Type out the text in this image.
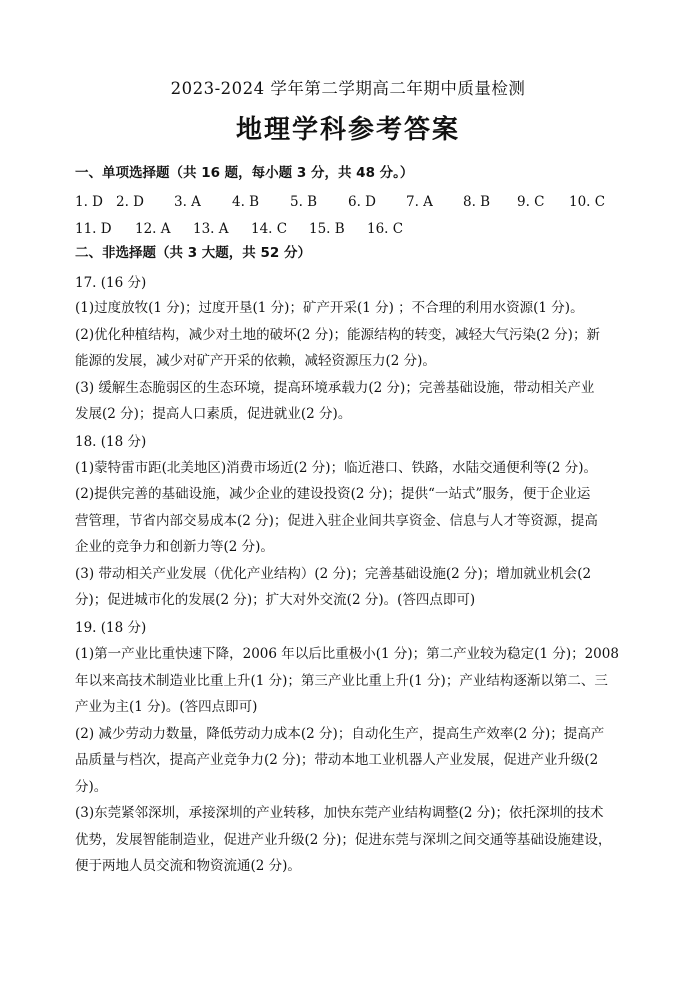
2023-2024 学年第二学期高二年期中质量检测
地理学科参考答案
一、单项选择题（共 16 题，每小题 3 分，共 48 分。）
1. D 2. D 3. A 4. B 5. B 6. D 7. A 8. B 9. C 10. C
11. D 12. A 13. A 14. C 15. B 16. C
二、非选择题（共 3 大题，共 52 分）
17. (16 分)
(1)过度放牧(1 分)；过度开垦(1 分)；矿产开采(1 分) ；不合理的利用水资源(1 分)。
(2)优化种植结构，减少对土地的破坏(2 分)；能源结构的转变，减轻大气污染(2 分)；新
能源的发展，减少对矿产开采的依赖，减轻资源压力(2 分)。
(3) 缓解生态脆弱区的生态环境，提高环境承载力(2 分)；完善基础设施，带动相关产业
发展(2 分)；提高人口素质，促进就业(2 分)。
18. (18 分)
(1)蒙特雷市距(北美地区)消费市场近(2 分)；临近港口、铁路，水陆交通便利等(2 分)。
(2)提供完善的基础设施，减少企业的建设投资(2 分)；提供“一站式”服务，便于企业运
营管理，节省内部交易成本(2 分)；促进入驻企业间共享资金、信息与人才等资源，提高
企业的竞争力和创新力等(2 分)。
(3) 带动相关产业发展（优化产业结构）(2 分)；完善基础设施(2 分)；增加就业机会(2
分)；促进城市化的发展(2 分)；扩大对外交流(2 分)。(答四点即可)
19. (18 分)
(1)第一产业比重快速下降，2006 年以后比重极小(1 分)；第二产业较为稳定(1 分)；2008
年以来高技术制造业比重上升(1 分)；第三产业比重上升(1 分)；产业结构逐渐以第二、三
产业为主(1 分)。(答四点即可)
(2) 减少劳动力数量，降低劳动力成本(2 分)；自动化生产，提高生产效率(2 分)；提高产
品质量与档次，提高产业竞争力(2 分)；带动本地工业机器人产业发展，促进产业升级(2
分)。
(3)东莞紧邻深圳，承接深圳的产业转移，加快东莞产业结构调整(2 分)；依托深圳的技术
优势，发展智能制造业，促进产业升级(2 分)；促进东莞与深圳之间交通等基础设施建设，
便于两地人员交流和物资流通(2 分)。
